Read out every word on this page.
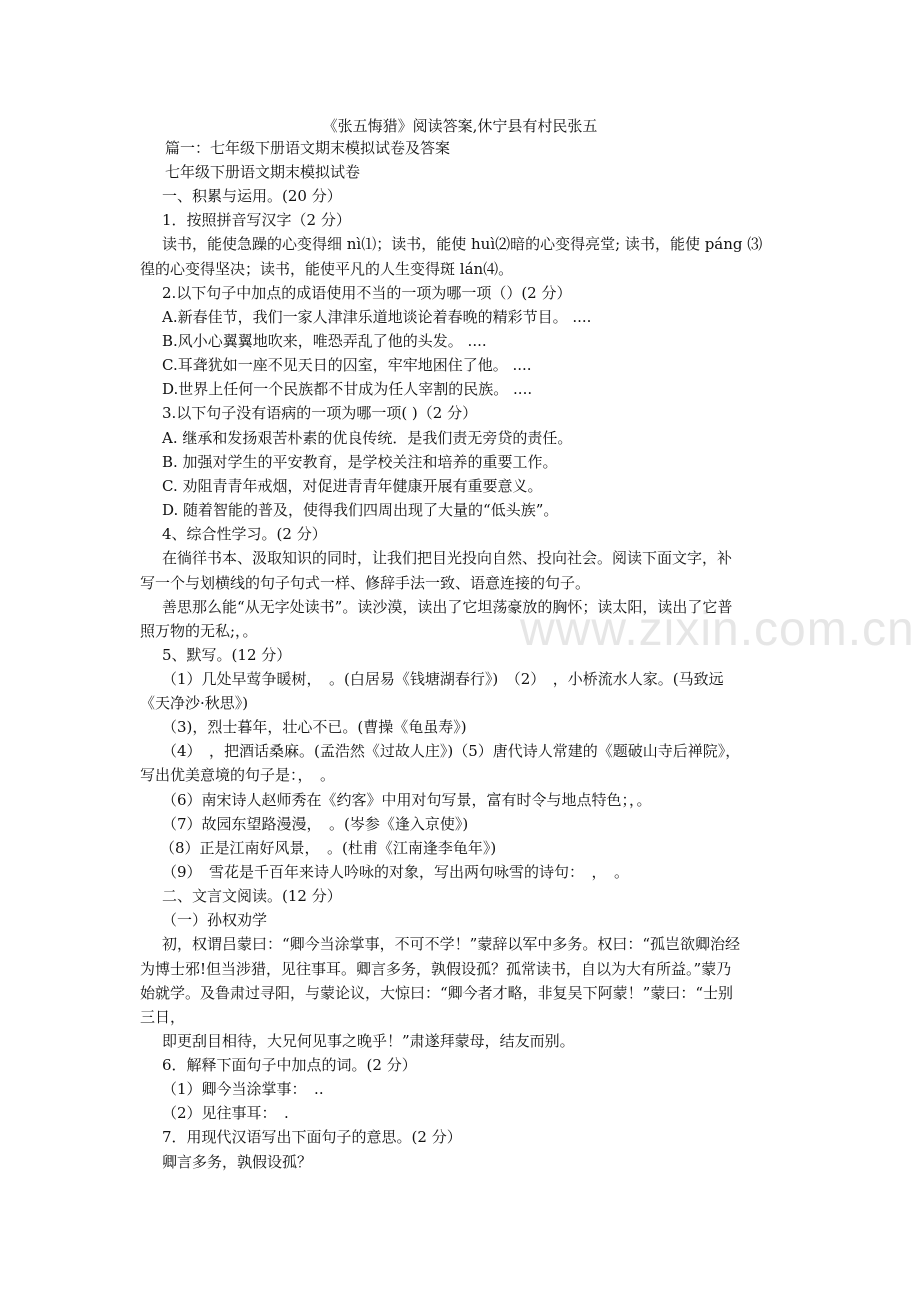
www.zixin.com.cn
《张五悔猎》阅读答案,休宁县有村民张五
篇一：七年级下册语文期末模拟试卷及答案
七年级下册语文期末模拟试卷
一、积累与运用。(20 分）
1．按照拼音写汉字（2 分）
读书，能使急躁的心变得细 nì⑴；读书，能使 huì⑵暗的心变得亮堂; 读书，能使 páng ⑶
徨的心变得坚决；读书，能使平凡的人生变得斑 lán⑷。
2.以下句子中加点的成语使用不当的一项为哪一项（）(2 分）
A.新春佳节，我们一家人津津乐道地谈论着春晚的精彩节目。 ....
B.风小心翼翼地吹来，唯恐弄乱了他的头发。 ....
C.耳聋犹如一座不见天日的囚室，牢牢地困住了他。 ....
D.世界上任何一个民族都不甘成为任人宰割的民族。 ....
3.以下句子没有语病的一项为哪一项( )（2 分）
A. 继承和发扬艰苦朴素的优良传统．是我们责无旁贷的责任。
B. 加强对学生的平安教育，是学校关注和培养的重要工作。
C. 劝阻青青年戒烟，对促进青青年健康开展有重要意义。
D. 随着智能的普及，使得我们四周出现了大量的“低头族”。
4、综合性学习。(2 分）
在徜徉书本、汲取知识的同时，让我们把目光投向自然、投向社会。阅读下面文字，补
写一个与划横线的句子句式一样、修辞手法一致、语意连接的句子。
善思那么能“从无字处读书”。读沙漠，读出了它坦荡豪放的胸怀；读太阳，读出了它普
照万物的无私;，。
5、默写。(12 分）
（1）几处早莺争暖树，　。(白居易《钱塘湖春行》)　（2）　，小桥流水人家。(马致远
《天净沙·秋思》)
（3)，烈士暮年，壮心不已。(曹操《龟虽寿》)
（4）　，把酒话桑麻。(孟浩然《过故人庄》)（5）唐代诗人常建的《题破山寺后禅院》，
写出优美意境的句子是：，　。
（6）南宋诗人赵师秀在《约客》中用对句写景，富有时令与地点特色；，。
（7）故园东望路漫漫，　。(岑参《逢入京使》)
（8）正是江南好风景，　。(杜甫《江南逢李龟年》)
（9）　雪花是千百年来诗人吟咏的对象，写出两句咏雪的诗句：　，　。
二、文言文阅读。(12 分）
（一）孙权劝学
初，权谓吕蒙曰：“卿今当涂掌事，不可不学！”蒙辞以军中多务。权曰：“孤岂欲卿治经
为博士邪!但当涉猎，见往事耳。卿言多务，孰假设孤？孤常读书，自以为大有所益。”蒙乃
始就学。及鲁肃过寻阳，与蒙论议，大惊曰：“卿今者才略，非复吴下阿蒙！”蒙曰：“士别
三日，
即更刮目相待，大兄何见事之晚乎！”肃遂拜蒙母，结友而别。
6．解释下面句子中加点的词。(2 分）
（1）卿今当涂掌事：　..
（2）见往事耳：　.
7．用现代汉语写出下面句子的意思。(2 分）
卿言多务，孰假设孤？
